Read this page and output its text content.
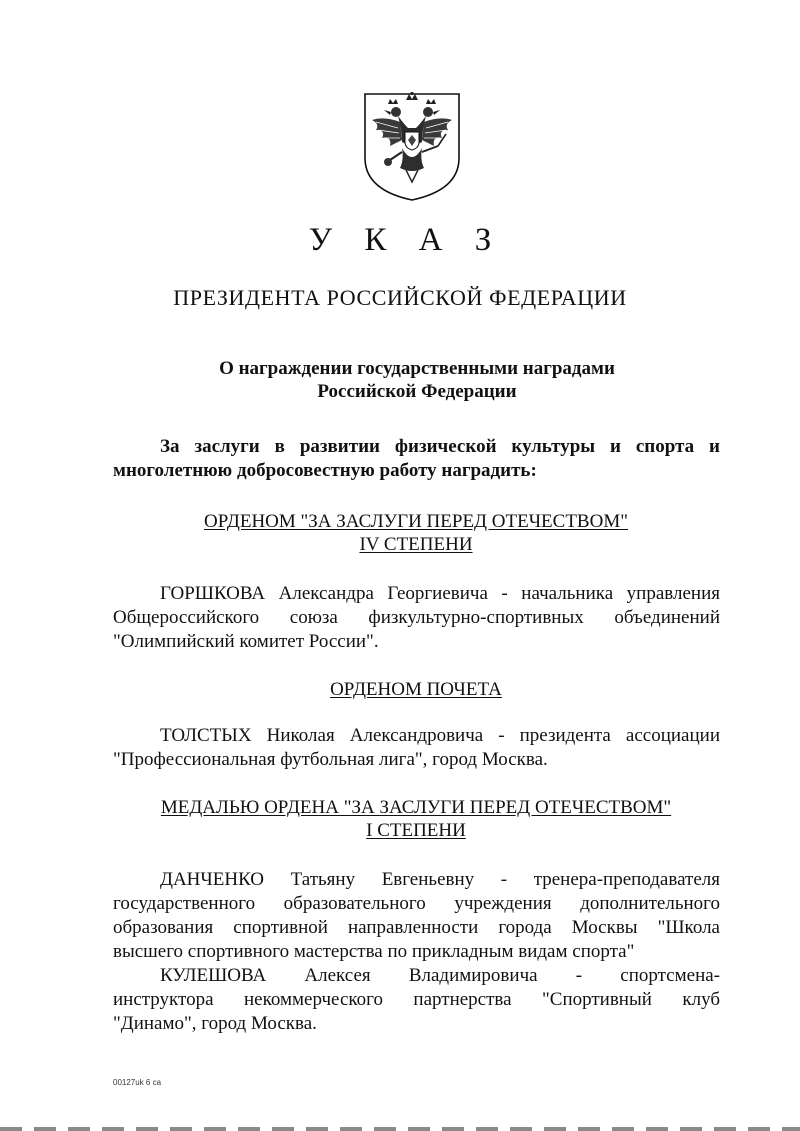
У К А З
ПРЕЗИДЕНТА РОССИЙСКОЙ ФЕДЕРАЦИИ
О награждении государственными наградами
Российской Федерации
За заслуги в развитии физической культуры и спорта и
многолетнюю добросовестную работу наградить:
ОРДЕНОМ "ЗА ЗАСЛУГИ ПЕРЕД ОТЕЧЕСТВОМ"
IV СТЕПЕНИ
ГОРШКОВА Александра Георгиевича - начальника управления
Общероссийского союза физкультурно-спортивных объединений
"Олимпийский комитет России".
ОРДЕНОМ ПОЧЕТА
ТОЛСТЫХ Николая Александровича - президента ассоциации
"Профессиональная футбольная лига", город Москва.
МЕДАЛЬЮ ОРДЕНА "ЗА ЗАСЛУГИ ПЕРЕД ОТЕЧЕСТВОМ"
I СТЕПЕНИ
ДАНЧЕНКО Татьяну Евгеньевну - тренера-преподавателя
государственного образовательного учреждения дополнительного
образования спортивной направленности города Москвы "Школа
высшего спортивного мастерства по прикладным видам спорта"
КУЛЕШОВА Алексея Владимировича - спортсмена-
инструктора некоммерческого партнерства "Спортивный клуб
"Динамо", город Москва.
00127uk 6 ca
